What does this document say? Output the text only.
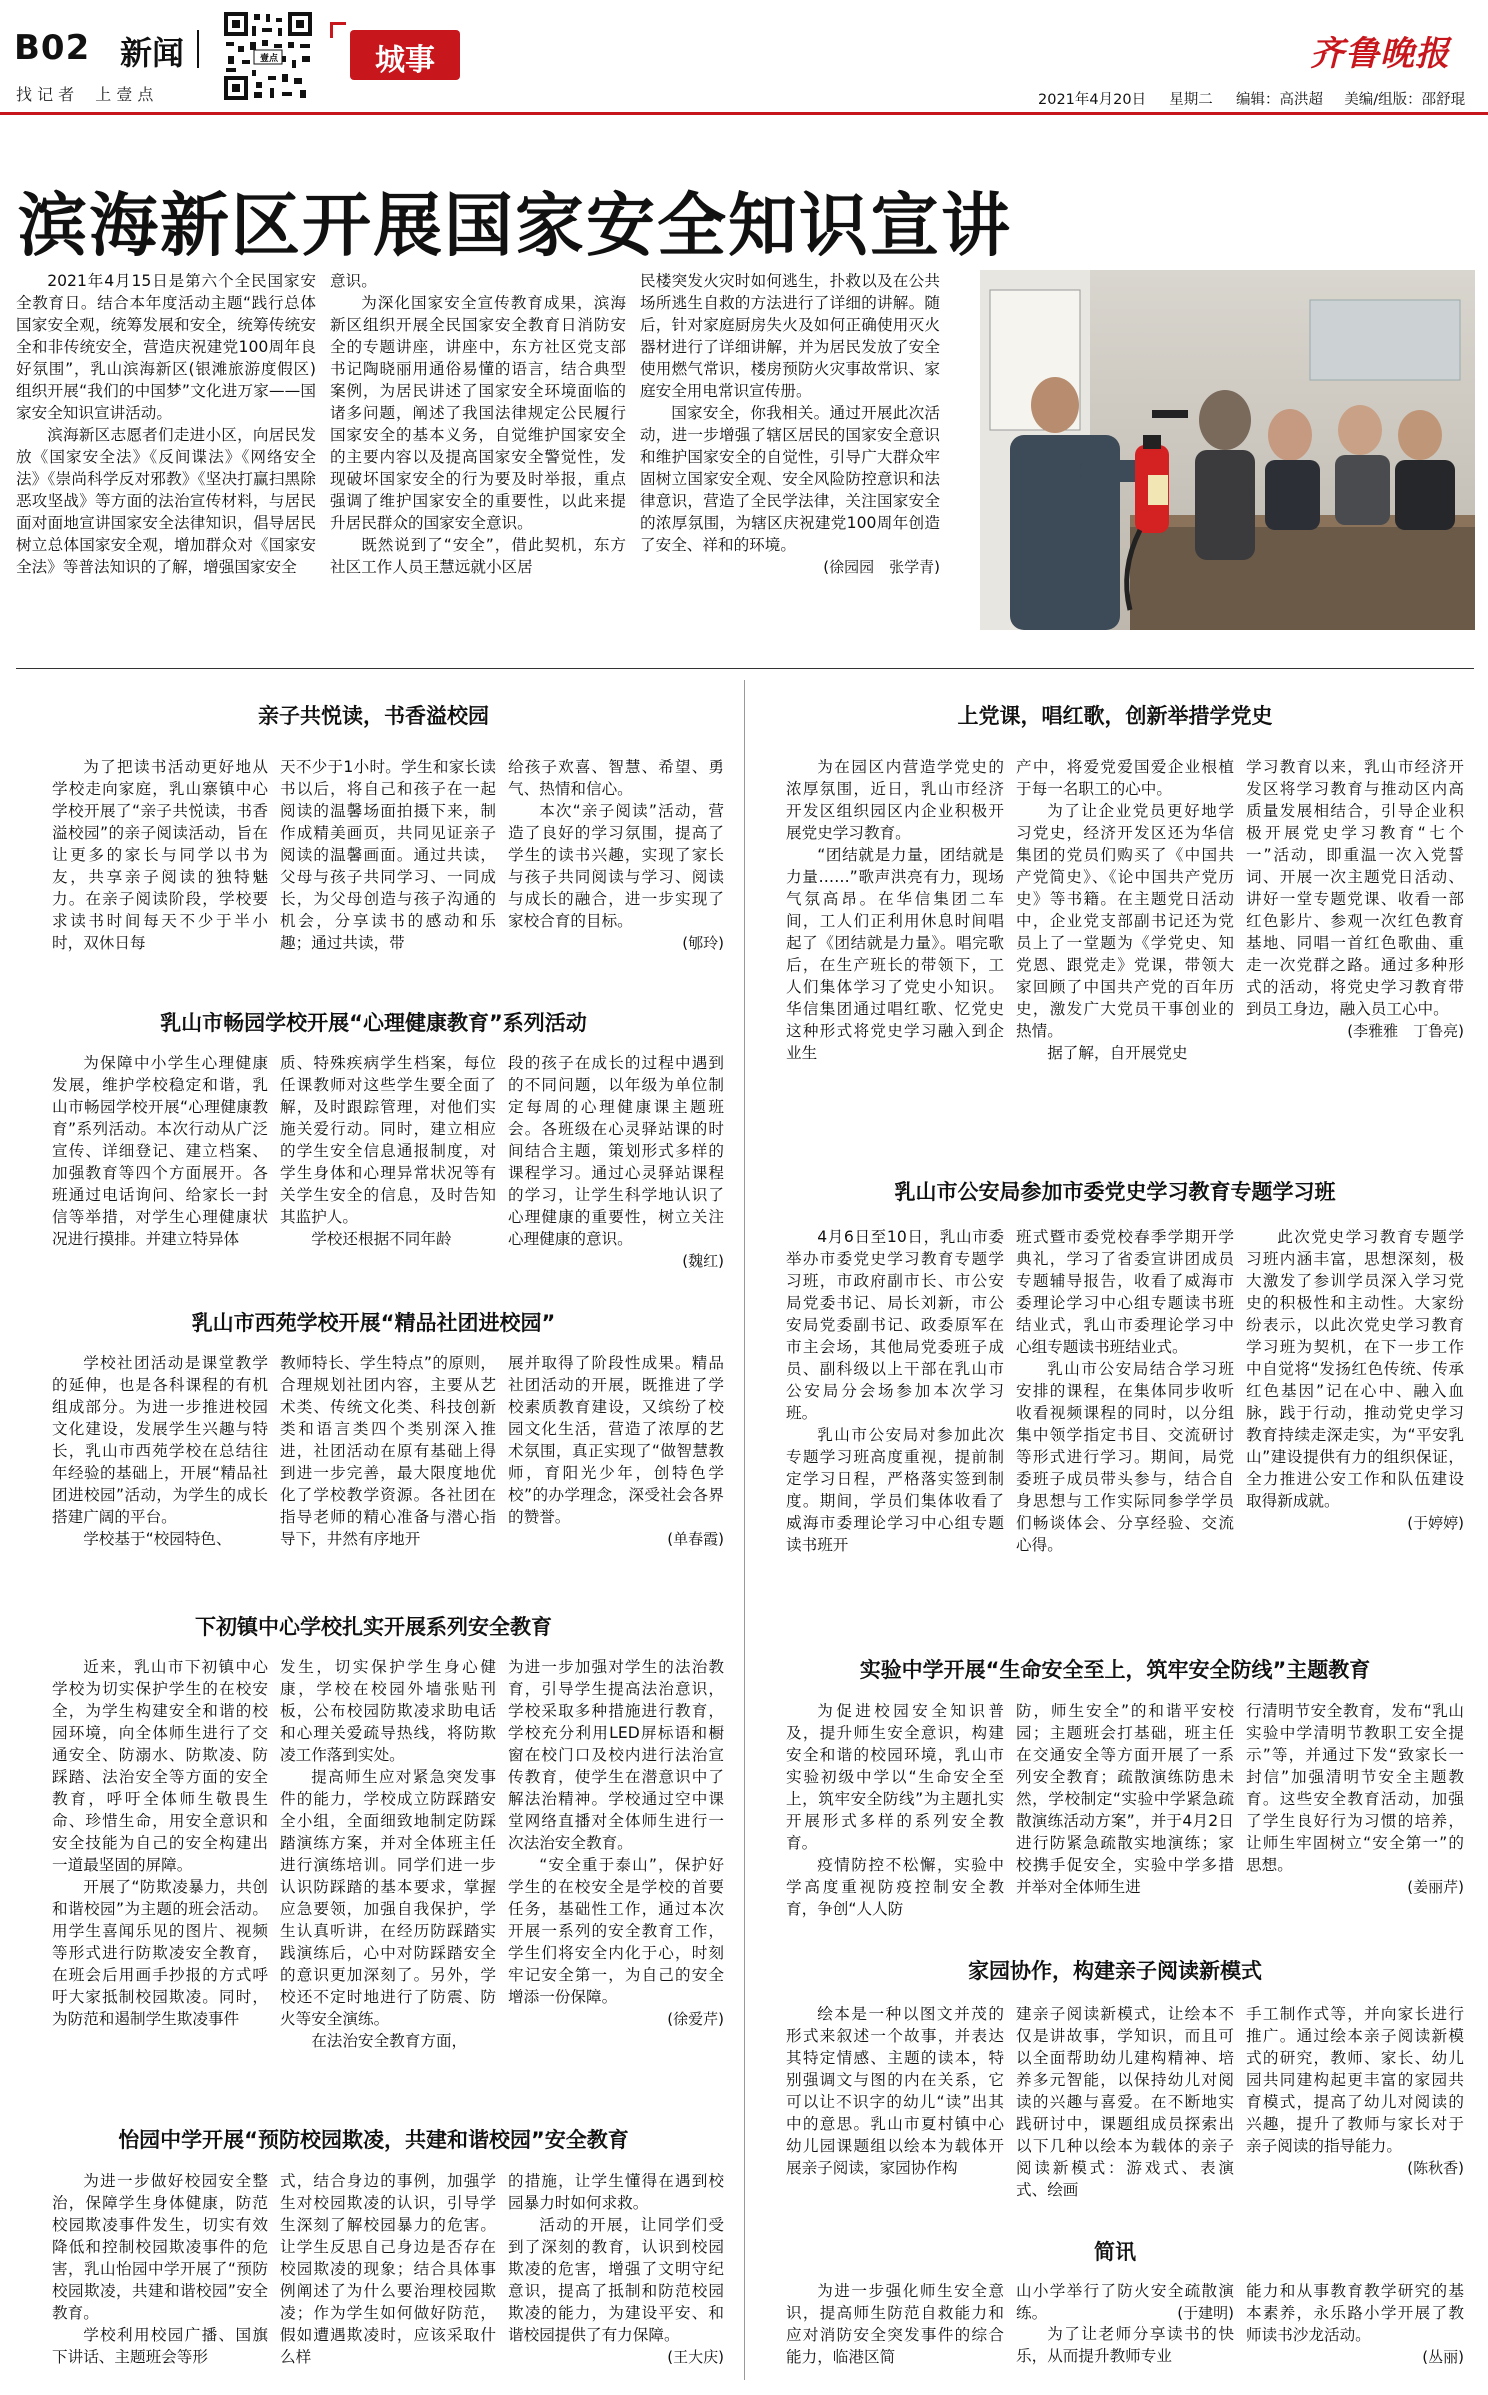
B02 新闻
找 记 者 　上 壹 点
壹点	城事	齐鲁晚报
2021年4月20日 星期二 编辑：高洪超 美编/组版：邵舒琨
滨海新区开展国家安全知识宣讲

2021年4月15日是第六个全民国家安全教育日。结合本年度活动主题“践行总体国家安全观，统筹发展和安全，统筹传统安全和非传统安全，营造庆祝建党100周年良好氛围”，乳山滨海新区(银滩旅游度假区)组织开展“我们的中国梦”文化进万家——国家安全知识宣讲活动。

滨海新区志愿者们走进小区，向居民发放《国家安全法》《反间谍法》《网络安全法》《崇尚科学反对邪教》《坚决打赢扫黑除恶攻坚战》等方面的法治宣传材料，与居民面对面地宣讲国家安全法律知识，倡导居民树立总体国家安全观，增加群众对《国家安全法》等普法知识的了解，增强国家安全

意识。

为深化国家安全宣传教育成果，滨海新区组织开展全民国家安全教育日消防安全的专题讲座，讲座中，东方社区党支部书记陶晓丽用通俗易懂的语言，结合典型案例，为居民讲述了国家安全环境面临的诸多问题，阐述了我国法律规定公民履行国家安全的基本义务，自觉维护国家安全的主要内容以及提高国家安全警觉性，发现破坏国家安全的行为要及时举报，重点强调了维护国家安全的重要性，以此来提升居民群众的国家安全意识。

既然说到了“安全”，借此契机，东方社区工作人员王慧远就小区居

民楼突发火灾时如何逃生，扑救以及在公共场所逃生自救的方法进行了详细的讲解。随后，针对家庭厨房失火及如何正确使用灭火器材进行了详细讲解，并为居民发放了安全使用燃气常识，楼房预防火灾事故常识、家庭安全用电常识宣传册。

国家安全，你我相关。通过开展此次活动，进一步增强了辖区居民的国家安全意识和维护国家安全的自觉性，引导广大群众牢固树立国家安全观、安全风险防控意识和法律意识，营造了全民学法律，关注国家安全的浓厚氛围，为辖区庆祝建党100周年创造了安全、祥和的环境。

(徐园园　张学青)

亲子共悦读，书香溢校园

为了把读书活动更好地从学校走向家庭，乳山寨镇中心学校开展了“亲子共悦读，书香溢校园”的亲子阅读活动，旨在让更多的家长与同学以书为友，共享亲子阅读的独特魅力。在亲子阅读阶段，学校要求读书时间每天不少于半小时，双休日每

天不少于1小时。学生和家长读书以后，将自己和孩子在一起阅读的温馨场面拍摄下来，制作成精美画页，共同见证亲子阅读的温馨画面。通过共读，父母与孩子共同学习、一同成长，为父母创造与孩子沟通的机会，分享读书的感动和乐趣；通过共读，带

给孩子欢喜、智慧、希望、勇气、热情和信心。

本次“亲子阅读”活动，营造了良好的学习氛围，提高了学生的读书兴趣，实现了家长与孩子共同阅读与学习、阅读与成长的融合，进一步实现了家校合育的目标。

(郇玲)

乳山市畅园学校开展“心理健康教育”系列活动

为保障中小学生心理健康发展，维护学校稳定和谐，乳山市畅园学校开展“心理健康教育”系列活动。本次行动从广泛宣传、详细登记、建立档案、加强教育等四个方面展开。各班通过电话询问、给家长一封信等举措，对学生心理健康状况进行摸排。并建立特异体

质、特殊疾病学生档案，每位任课教师对这些学生要全面了解，及时跟踪管理，对他们实施关爱行动。同时，建立相应的学生安全信息通报制度，对学生身体和心理异常状况等有关学生安全的信息，及时告知其监护人。

学校还根据不同年龄

段的孩子在成长的过程中遇到的不同问题，以年级为单位制定每周的心理健康课主题班会。各班级在心灵驿站课的时间结合主题，策划形式多样的课程学习。通过心灵驿站课程的学习，让学生科学地认识了心理健康的重要性，树立关注心理健康的意识。

(魏红)

乳山市西苑学校开展“精品社团进校园”

学校社团活动是课堂教学的延伸，也是各科课程的有机组成部分。为进一步推进校园文化建设，发展学生兴趣与特长，乳山市西苑学校在总结往年经验的基础上，开展“精品社团进校园”活动，为学生的成长搭建广阔的平台。

学校基于“校园特色、

教师特长、学生特点”的原则，合理规划社团内容，主要从艺术类、传统文化类、科技创新类和语言类四个类别深入推进，社团活动在原有基础上得到进一步完善，最大限度地优化了学校教学资源。各社团在指导老师的精心准备与潜心指导下，井然有序地开

展并取得了阶段性成果。精品社团活动的开展，既推进了学校素质教育建设，又缤纷了校园文化生活，营造了浓厚的艺术氛围，真正实现了“做智慧教师，育阳光少年，创特色学校”的办学理念，深受社会各界的赞誉。

(单春霞)

下初镇中心学校扎实开展系列安全教育

近来，乳山市下初镇中心学校为切实保护学生的在校安全，为学生构建安全和谐的校园环境，向全体师生进行了交通安全、防溺水、防欺凌、防踩踏、法治安全等方面的安全教育，呼吁全体师生敬畏生命、珍惜生命，用安全意识和安全技能为自己的安全构建出一道最坚固的屏障。

开展了“防欺凌暴力，共创和谐校园”为主题的班会活动。用学生喜闻乐见的图片、视频等形式进行防欺凌安全教育，在班会后用画手抄报的方式呼吁大家抵制校园欺凌。同时，为防范和遏制学生欺凌事件

发生，切实保护学生身心健康，学校在校园外墙张贴刊板，公布校园防欺凌求助电话和心理关爱疏导热线，将防欺凌工作落到实处。

提高师生应对紧急突发事件的能力，学校成立防踩踏安全小组，全面细致地制定防踩踏演练方案，并对全体班主任进行演练培训。同学们进一步认识防踩踏的基本要求，掌握应急要领，加强自我保护，学生认真听讲，在经历防踩踏实践演练后，心中对防踩踏安全的意识更加深刻了。另外，学校还不定时地进行了防震、防火等安全演练。

在法治安全教育方面，

为进一步加强对学生的法治教育，引导学生提高法治意识，学校采取多种措施进行教育，学校充分利用LED屏标语和橱窗在校门口及校内进行法治宣传教育，使学生在潜意识中了解法治精神。学校通过空中课堂网络直播对全体师生进行一次法治安全教育。

“安全重于泰山”，保护好学生的在校安全是学校的首要任务，基础性工作，通过本次开展一系列的安全教育工作，学生们将安全内化于心，时刻牢记安全第一，为自己的安全增添一份保障。

(徐爱芹)

怡园中学开展“预防校园欺凌，共建和谐校园”安全教育

为进一步做好校园安全整治，保障学生身体健康，防范校园欺凌事件发生，切实有效降低和控制校园欺凌事件的危害，乳山怡园中学开展了“预防校园欺凌，共建和谐校园”安全教育。

学校利用校园广播、国旗下讲话、主题班会等形

式，结合身边的事例，加强学生对校园欺凌的认识，引导学生深刻了解校园暴力的危害。让学生反思自己身边是否存在校园欺凌的现象；结合具体事例阐述了为什么要治理校园欺凌；作为学生如何做好防范，假如遭遇欺凌时，应该采取什么样

的措施，让学生懂得在遇到校园暴力时如何求救。

活动的开展，让同学们受到了深刻的教育，认识到校园欺凌的危害，增强了文明守纪意识，提高了抵制和防范校园欺凌的能力，为建设平安、和谐校园提供了有力保障。

(王大庆)

上党课，唱红歌，创新举措学党史

为在园区内营造学党史的浓厚氛围，近日，乳山市经济开发区组织园区内企业积极开展党史学习教育。

“团结就是力量，团结就是力量……”歌声洪亮有力，现场气氛高昂。在华信集团二车间，工人们正利用休息时间唱起了《团结就是力量》。唱完歌后，在生产班长的带领下，工人们集体学习了党史小知识。华信集团通过唱红歌、忆党史这种形式将党史学习融入到企业生

产中，将爱党爱国爱企业根植于每一名职工的心中。

为了让企业党员更好地学习党史，经济开发区还为华信集团的党员们购买了《中国共产党简史》、《论中国共产党历史》等书籍。在主题党日活动中，企业党支部副书记还为党员上了一堂题为《学党史、知党恩、跟党走》党课，带领大家回顾了中国共产党的百年历史，激发广大党员干事创业的热情。

据了解，自开展党史

学习教育以来，乳山市经济开发区将学习教育与推动区内高质量发展相结合，引导企业积极开展党史学习教育“七个一”活动，即重温一次入党誓词、开展一次主题党日活动、讲好一堂专题党课、收看一部红色影片、参观一次红色教育基地、同唱一首红色歌曲、重走一次党群之路。通过多种形式的活动，将党史学习教育带到员工身边，融入员工心中。

(李雅雅　丁鲁亮)

乳山市公安局参加市委党史学习教育专题学习班

4月6日至10日，乳山市委举办市委党史学习教育专题学习班，市政府副市长、市公安局党委书记、局长刘新，市公安局党委副书记、政委原军在市主会场，其他局党委班子成员、副科级以上干部在乳山市公安局分会场参加本次学习班。

乳山市公安局对参加此次专题学习班高度重视，提前制定学习日程，严格落实签到制度。期间，学员们集体收看了威海市委理论学习中心组专题读书班开

班式暨市委党校春季学期开学典礼，学习了省委宣讲团成员专题辅导报告，收看了威海市委理论学习中心组专题读书班结业式，乳山市委理论学习中心组专题读书班结业式。

乳山市公安局结合学习班安排的课程，在集体同步收听收看视频课程的同时，以分组集中领学指定书目、交流研讨等形式进行学习。期间，局党委班子成员带头参与，结合自身思想与工作实际同参学学员们畅谈体会、分享经验、交流心得。

此次党史学习教育专题学习班内涵丰富，思想深刻，极大激发了参训学员深入学习党史的积极性和主动性。大家纷纷表示，以此次党史学习教育学习班为契机，在下一步工作中自觉将“发扬红色传统、传承红色基因”记在心中、融入血脉，践于行动，推动党史学习教育持续走深走实，为“平安乳山”建设提供有力的组织保证，全力推进公安工作和队伍建设取得新成就。

(于婷婷)

实验中学开展“生命安全至上，筑牢安全防线”主题教育

为促进校园安全知识普及，提升师生安全意识，构建安全和谐的校园环境，乳山市实验初级中学以“生命安全至上，筑牢安全防线”为主题扎实开展形式多样的系列安全教育。

疫情防控不松懈，实验中学高度重视防疫控制安全教育，争创“人人防

防，师生安全”的和谐平安校园；主题班会打基础，班主任在交通安全等方面开展了一系列安全教育；疏散演练防患未然，学校制定“实验中学紧急疏散演练活动方案”，并于4月2日进行防紧急疏散实地演练；家校携手促安全，实验中学多措并举对全体师生进

行清明节安全教育，发布“乳山实验中学清明节教职工安全提示”等，并通过下发“致家长一封信”加强清明节安全主题教育。这些安全教育活动，加强了学生良好行为习惯的培养，让师生牢固树立“安全第一”的思想。

(姜丽芹)

家园协作，构建亲子阅读新模式

绘本是一种以图文并茂的形式来叙述一个故事，并表达其特定情感、主题的读本，特别强调文与图的内在关系，它可以让不识字的幼儿“读”出其中的意思。乳山市夏村镇中心幼儿园课题组以绘本为载体开展亲子阅读，家园协作构

建亲子阅读新模式，让绘本不仅是讲故事，学知识，而且可以全面帮助幼儿建构精神、培养多元智能，以保持幼儿对阅读的兴趣与喜爱。在不断地实践研讨中，课题组成员探索出以下几种以绘本为载体的亲子阅读新模式：游戏式、表演式、绘画

手工制作式等，并向家长进行推广。通过绘本亲子阅读新模式的研究，教师、家长、幼儿园共同建构起更丰富的家园共育模式，提高了幼儿对阅读的兴趣，提升了教师与家长对于亲子阅读的指导能力。

(陈秋香)

简讯

为进一步强化师生安全意识，提高师生防范自救能力和应对消防安全突发事件的综合能力，临港区简

山小学举行了防火安全疏散演练。	(于建明)

为了让老师分享读书的快乐，从而提升教师专业

能力和从事教育教学研究的基本素养，永乐路小学开展了教师读书沙龙活动。

(丛丽)
